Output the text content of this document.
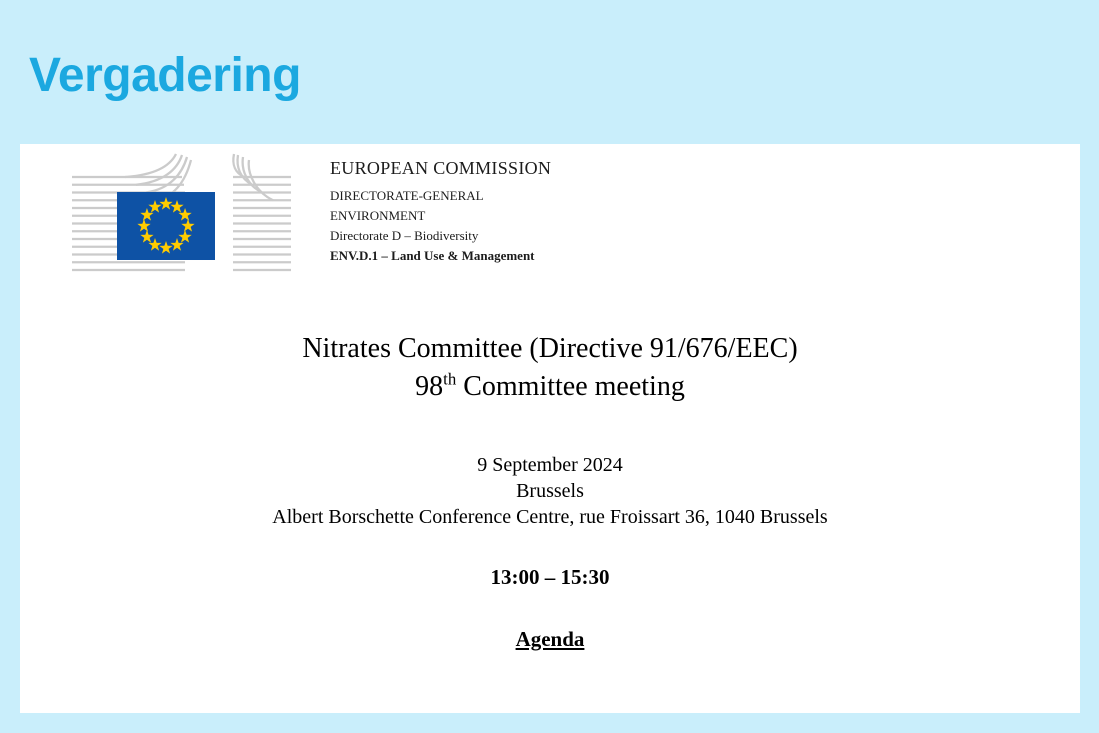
Vergadering
EUROPEAN COMMISSION
DIRECTORATE-GENERAL
ENVIRONMENT
Directorate D – Biodiversity
ENV.D.1 – Land Use & Management
Nitrates Committee (Directive 91/676/EEC)
98th Committee meeting
9 September 2024
Brussels
Albert Borschette Conference Centre, rue Froissart 36, 1040 Brussels
13:00 – 15:30
Agenda
